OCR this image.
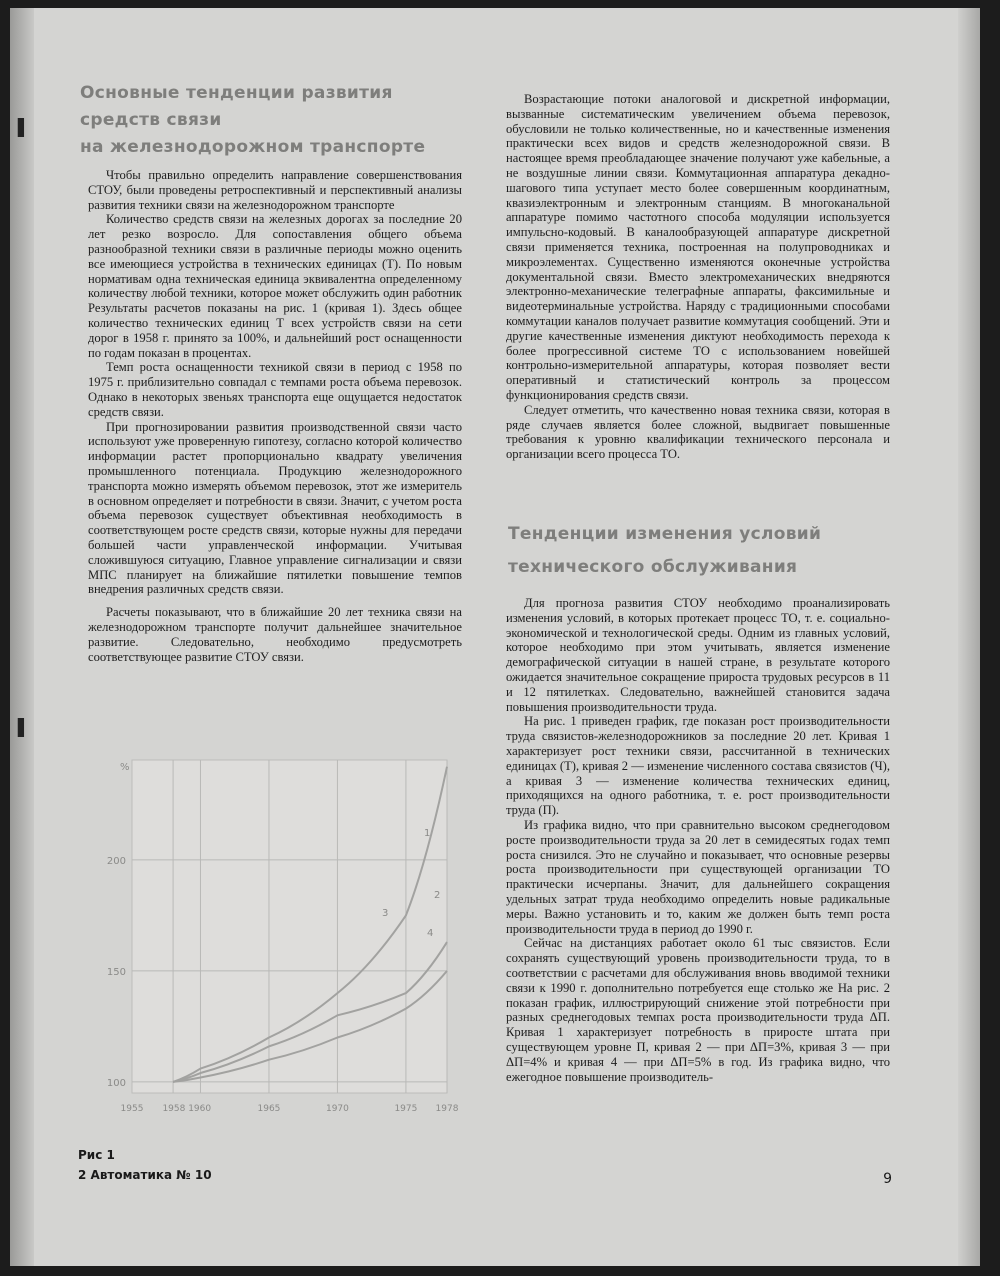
▌
▌
Основные тенденции развития средств связи
на железнодорожном транспорте

Чтобы правильно определить направление совершенствования СТОУ, были проведены ретроспективный и перспективный анализы развития техники связи на железнодорожном транспорте

Количество средств связи на железных дорогах за последние 20 лет резко возросло. Для сопоставления общего объема разнообразной техники связи в различные периоды можно оценить все имеющиеся устройства в технических единицах (Т). По новым нормативам одна техническая единица эквивалентна определенному количеству любой техники, которое может обслужить один работник Результаты расчетов показаны на рис. 1 (кривая 1). Здесь общее количество технических единиц Т всех устройств связи на сети дорог в 1958 г. принято за 100%, и дальнейший рост оснащенности по годам показан в процентах.

Темп роста оснащенности техникой связи в период с 1958 по 1975 г. приблизительно совпадал с темпами роста объема перевозок. Однако в некоторых звеньях транспорта еще ощущается недостаток средств связи.

При прогнозировании развития производственной связи часто используют уже проверенную гипотезу, согласно которой количество информации растет пропорционально квадрату увеличения промышленного потенциала. Продукцию железнодорожного транспорта можно измерять объемом перевозок, этот же измеритель в основном определяет и потребности в связи. Значит, с учетом роста объема перевозок существует объективная необходимость в соответствующем росте средств связи, которые нужны для передачи большей части управленческой информации. Учитывая сложившуюся ситуацию, Главное управление сигнализации и связи МПС планирует на ближайшие пятилетки повышение темпов внедрения различных средств связи.

Расчеты показывают, что в ближайшие 20 лет техника связи на железнодорожном транспорте получит дальнейшее значительное развитие. Следовательно, необходимо предусмотреть соответствующее развитие СТОУ связи.

100
150
200
%
1955 1958 1960	1965	1970	1975 1978
1
2
3
4
Рис 1
2 Автоматика № 10

Возрастающие потоки аналоговой и дискретной информации, вызванные систематическим увеличением объема перевозок, обусловили не только количественные, но и качественные изменения практически всех видов и средств железнодорожной связи. В настоящее время преобладающее значение получают уже кабельные, а не воздушные линии связи. Коммутационная аппаратура декадно-шагового типа уступает место более совершенным координатным, квазиэлектронным и электронным станциям. В многоканальной аппаратуре помимо частотного способа модуляции используется импульсно-кодовый. В каналообразующей аппаратуре дискретной связи применяется техника, построенная на полупроводниках и микроэлементах. Существенно изменяются оконечные устройства документальной связи. Вместо электромеханических внедряются электронно-механические телеграфные аппараты, факсимильные и видеотерминальные устройства. Наряду с традиционными способами коммутации каналов получает развитие коммутация сообщений. Эти и другие качественные изменения диктуют необходимость перехода к более прогрессивной системе ТО с использованием новейшей контрольно-измерительной аппаратуры, которая позволяет вести оперативный и статистический контроль за процессом функционирования средств связи.

Следует отметить, что качественно новая техника связи, которая в ряде случаев является более сложной, выдвигает повышенные требования к уровню квалификации технического персонала и организации всего процесса ТО.

Тенденции изменения условий
технического обслуживания

Для прогноза развития СТОУ необходимо проанализировать изменения условий, в которых протекает процесс ТО, т. е. социально-экономической и технологической среды. Одним из главных условий, которое необходимо при этом учитывать, является изменение демографической ситуации в нашей стране, в результате которого ожидается значительное сокращение прироста трудовых ресурсов в 11 и 12 пятилетках. Следовательно, важнейшей становится задача повышения производительности труда.

На рис. 1 приведен график, где показан рост производительности труда связистов-железнодорожников за последние 20 лет. Кривая 1 характеризует рост техники связи, рассчитанной в технических единицах (Т), кривая 2 — изменение численного состава связистов (Ч), а кривая 3 — изменение количества технических единиц, приходящихся на одного работника, т. е. рост производительности труда (П).

Из графика видно, что при сравнительно высоком среднегодовом росте производительности труда за 20 лет в семидесятых годах темп роста снизился. Это не случайно и показывает, что основные резервы роста производительности при существующей организации ТО практически исчерпаны. Значит, для дальнейшего сокращения удельных затрат труда необходимо определить новые радикальные меры. Важно установить и то, каким же должен быть темп роста производительности труда в период до 1990 г.

Сейчас на дистанциях работает около 61 тыс связистов. Если сохранять существующий уровень производительности труда, то в соответствии с расчетами для обслуживания вновь вводимой техники связи к 1990 г. дополнительно потребуется еще столько же На рис. 2 показан график, иллюстрирующий снижение этой потребности при разных среднегодовых темпах роста производительности труда ΔП. Кривая 1 характеризует потребность в приросте штата при существующем уровне П, кривая 2 — при ΔП=3%, кривая 3 — при ΔП=4% и кривая 4 — при ΔП=5% в год. Из графика видно, что ежегодное повышение производитель-

9
